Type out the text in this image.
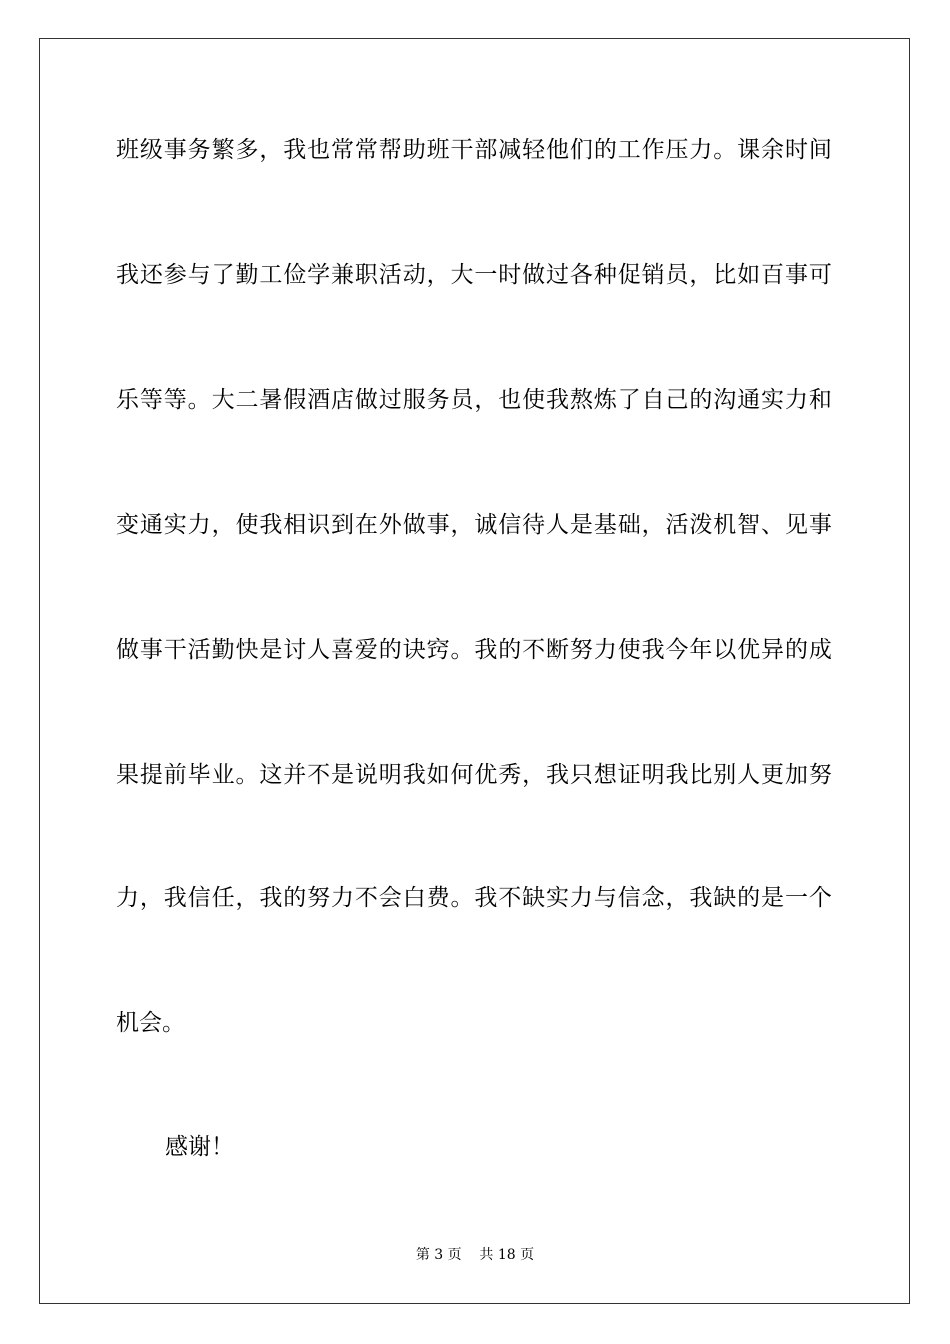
班 级 事 务 繁 多 ， 我 也 常 常 帮 助 班 干 部 减 轻 他 们 的 工 作 压 力 。 课 余 时 间
我 还 参 与 了 勤 工 俭 学 兼 职 活 动 ， 大 一 时 做 过 各 种 促 销 员 ， 比 如 百 事 可
乐 等 等 。 大 二 暑 假 酒 店 做 过 服 务 员 ， 也 使 我 熬 炼 了 自 己 的 沟 通 实 力 和
变 通 实 力 ， 使 我 相 识 到 在 外 做 事 ， 诚 信 待 人 是 基 础 ， 活 泼 机 智 、 见 事
做 事 干 活 勤 快 是 讨 人 喜 爱 的 诀 窍 。 我 的 不 断 努 力 使 我 今 年 以 优 异 的 成
果 提 前 毕 业 。 这 并 不 是 说 明 我 如 何 优 秀 ， 我 只 想 证 明 我 比 别 人 更 加 努
力 ， 我 信 任 ， 我 的 努 力 不 会 白 费 。 我 不 缺 实 力 与 信 念 ， 我 缺 的 是 一 个
机会。
感谢！
第 3 页    共 18 页
